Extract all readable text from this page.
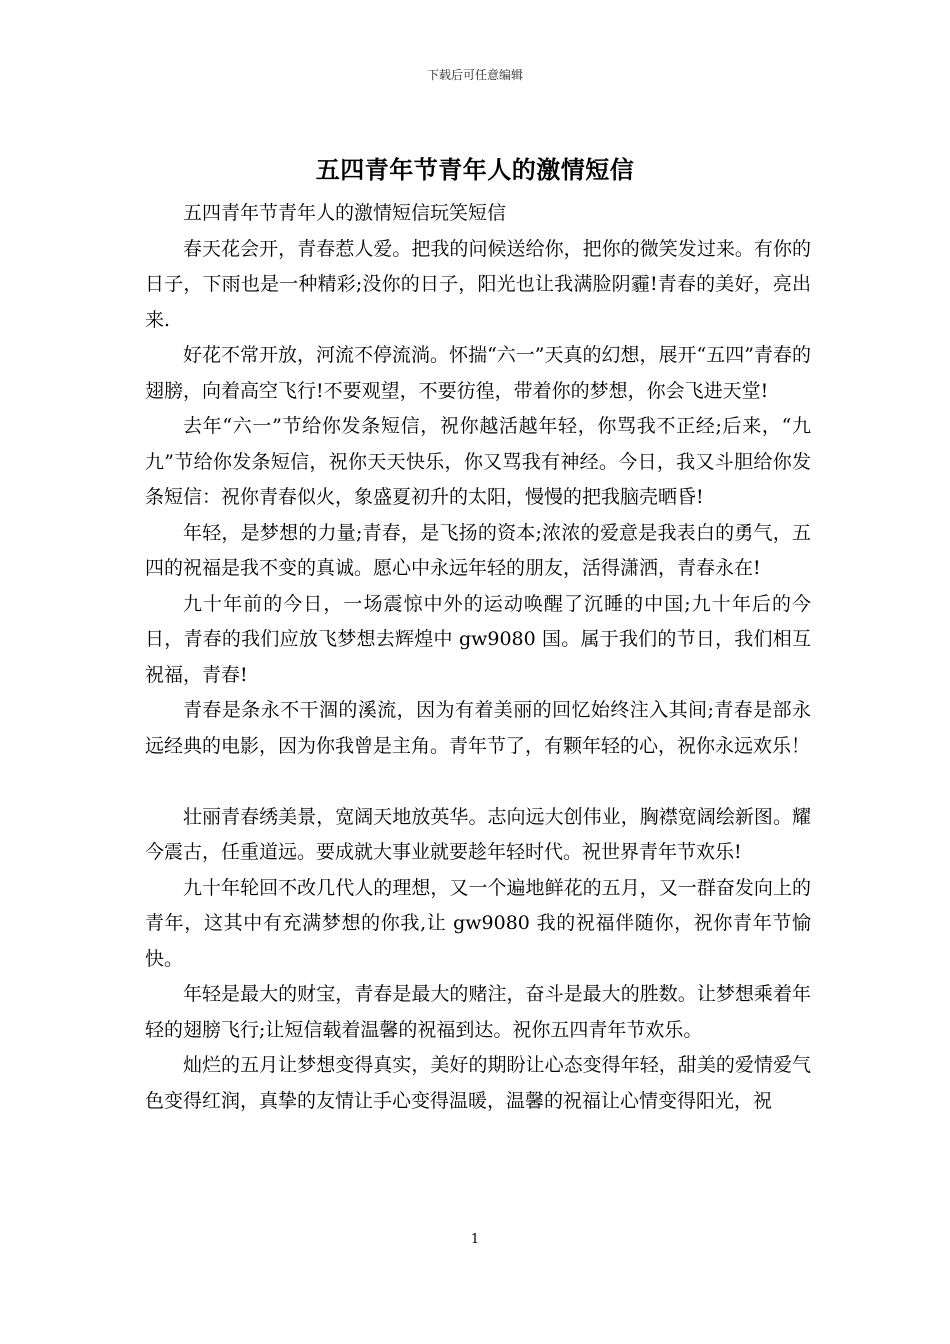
下载后可任意编辑
五四青年节青年人的激情短信

五四青年节青年人的激情短信玩笑短信

春天花会开，青春惹人爱。把我的问候送给你，把你的微笑发过来。有你的日子，下雨也是一种精彩;没你的日子，阳光也让我满脸阴霾!青春的美好，亮出来.

好花不常开放，河流不停流淌。怀揣“六一”天真的幻想，展开“五四”青春的翅膀，向着高空飞行!不要观望，不要彷徨，带着你的梦想，你会飞进天堂!

去年“六一”节给你发条短信，祝你越活越年轻，你骂我不正经;后来，“九九”节给你发条短信，祝你天天快乐，你又骂我有神经。今日，我又斗胆给你发条短信：祝你青春似火，象盛夏初升的太阳，慢慢的把我脑壳晒昏!

年轻，是梦想的力量;青春，是飞扬的资本;浓浓的爱意是我表白的勇气，五四的祝福是我不变的真诚。愿心中永远年轻的朋友，活得潇洒，青春永在!

九十年前的今日，一场震惊中外的运动唤醒了沉睡的中国;九十年后的今日，青春的我们应放飞梦想去辉煌中 gw9080 国。属于我们的节日，我们相互祝福，青春!

青春是条永不干涸的溪流，因为有着美丽的回忆始终注入其间;青春是部永远经典的电影，因为你我曾是主角。青年节了，有颗年轻的心，祝你永远欢乐！

壮丽青春绣美景，宽阔天地放英华。志向远大创伟业，胸襟宽阔绘新图。耀今震古，任重道远。要成就大事业就要趁年轻时代。祝世界青年节欢乐!

九十年轮回不改几代人的理想，又一个遍地鲜花的五月，又一群奋发向上的青年，这其中有充满梦想的你我,让 gw9080 我的祝福伴随你，祝你青年节愉快。

年轻是最大的财宝，青春是最大的赌注，奋斗是最大的胜数。让梦想乘着年轻的翅膀飞行;让短信载着温馨的祝福到达。祝你五四青年节欢乐。

灿烂的五月让梦想变得真实，美好的期盼让心态变得年轻，甜美的爱情爱气色变得红润，真挚的友情让手心变得温暖，温馨的祝福让心情变得阳光，祝

1
